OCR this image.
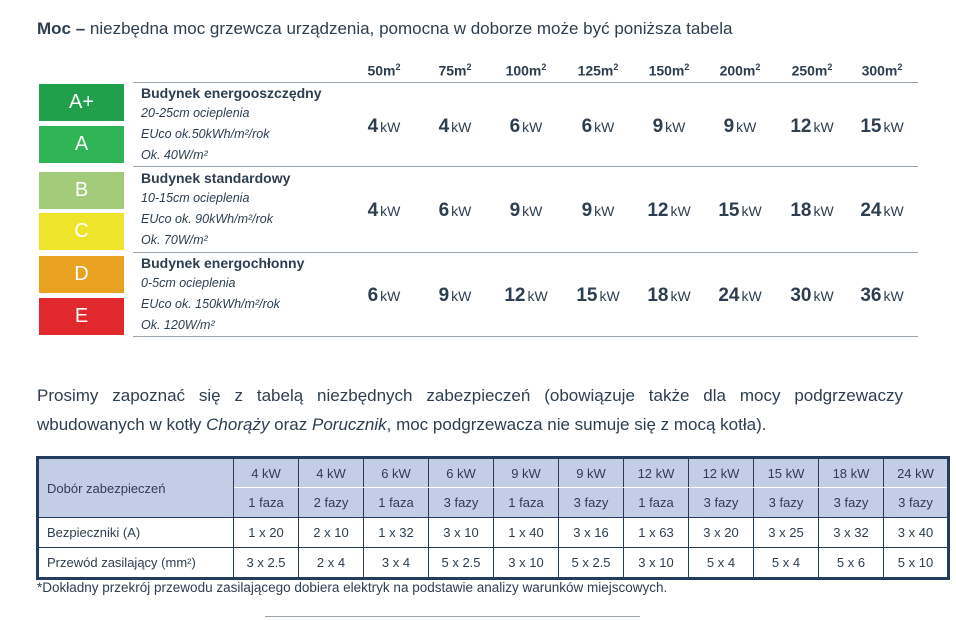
Moc – niezbędna moc grzewcza urządzenia, pomocna w doborze może być poniższa tabela
$50m^2$	$75m^2$	$100m^2$	$125m^2$	$150m^2$	$200m^2$	$250m^2$	$300m^2$
A+
A
B
C
D
E
Budynek energooszczędny
20-25cm ocieplenia
EUco ok.50kWh/m²/rok
Ok. 40W/m²
4 kW	4 kW	6 kW	6 kW	9 kW	9 kW	12 kW	15 kW
Budynek standardowy
10-15cm ocieplenia
EUco ok. 90kWh/m²/rok
Ok. 70W/m²
4 kW	6 kW	9 kW	9 kW	12 kW	15 kW	18 kW	24 kW
Budynek energochłonny
0-5cm ocieplenia
EUco ok. 150kWh/m²/rok
Ok. 120W/m²
6 kW	9 kW	12 kW	15 kW	18 kW	24 kW	30 kW	36 kW
Prosimy zapoznać się z tabelą niezbędnych zabezpieczeń (obowiązuje także dla mocy podgrzewaczy wbudowanych w kotły Chorąży oraz Porucznik, moc podgrzewacza nie sumuje się z mocą kotła).
Dobór zabezpieczeń	4 kW	4 kW	6 kW	6 kW	9 kW	9 kW	12 kW	12 kW	15 kW	18 kW	24 kW
	1 faza	2 fazy	1 faza	3 fazy	1 faza	3 fazy	1 faza	3 fazy	3 fazy	3 fazy	3 fazy
Bezpieczniki (A)	1 x 20	2 x 10	1 x 32	3 x 10	1 x 40	3 x 16	1 x 63	3 x 20	3 x 25	3 x 32	3 x 40
Przewód zasilający (mm²)	3 x 2.5	2 x 4	3 x 4	5 x 2.5	3 x 10	5 x 2.5	3 x 10	5 x 4	5 x 4	5 x 6	5 x 10
*Dokładny przekrój przewodu zasilającego dobiera elektryk na podstawie analizy warunków miejscowych.
